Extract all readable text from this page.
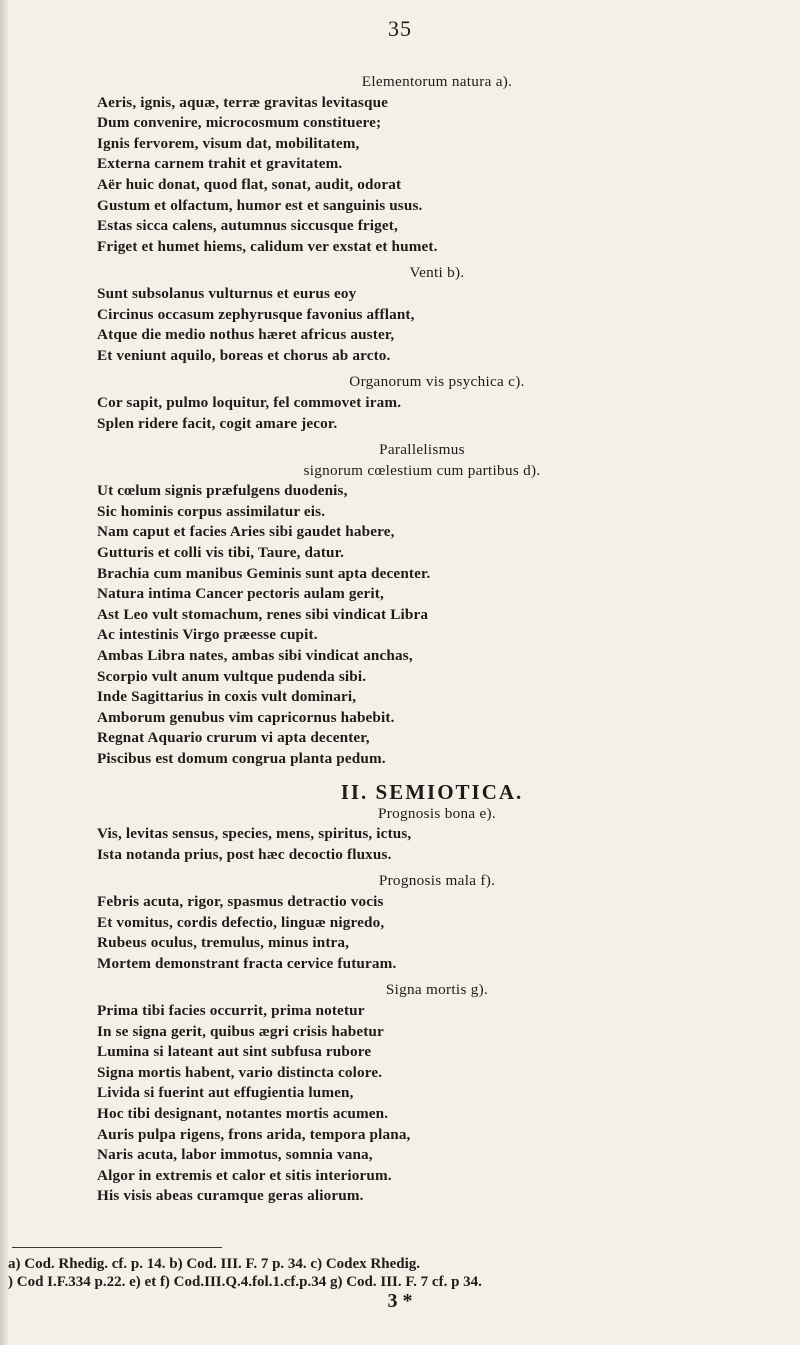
35
Elementorum natura a).
Aeris, ignis, aquæ, terræ gravitas levitasque
Dum convenire, microcosmum constituere;
Ignis fervorem, visum dat, mobilitatem,
Externa carnem trahit et gravitatem.
Aër huic donat, quod flat, sonat, audit, odorat
Gustum et olfactum, humor est et sanguinis usus.
Estas sicca calens, autumnus siccusque friget,
Friget et humet hiems, calidum ver exstat et humet.
Venti b).
Sunt subsolanus vulturnus et eurus eoy
Circinus occasum zephyrusque favonius afflant,
Atque die medio nothus hæret africus auster,
Et veniunt aquilo, boreas et chorus ab arcto.
Organorum vis psychica c).
Cor sapit, pulmo loquitur, fel commovet iram.
Splen ridere facit, cogit amare jecor.
Parallelismus
signorum cœlestium cum partibus d).
Ut cœlum signis præfulgens duodenis,
Sic hominis corpus assimilatur eis.
Nam caput et facies Aries sibi gaudet habere,
Gutturis et colli vis tibi, Taure, datur.
Brachia cum manibus Geminis sunt apta decenter.
Natura intima Cancer pectoris aulam gerit,
Ast Leo vult stomachum, renes sibi vindicat Libra
Ac intestinis Virgo præesse cupit.
Ambas Libra nates, ambas sibi vindicat anchas,
Scorpio vult anum vultque pudenda sibi.
Inde Sagittarius in coxis vult dominari,
Amborum genubus vim capricornus habebit.
Regnat Aquario crurum vi apta decenter,
Piscibus est domum congrua planta pedum.
II. SEMIOTICA.
Prognosis bona e).
Vis, levitas sensus, species, mens, spiritus, ictus,
Ista notanda prius, post hæc decoctio fluxus.
Prognosis mala f).
Febris acuta, rigor, spasmus detractio vocis
Et vomitus, cordis defectio, linguæ nigredo,
Rubeus oculus, tremulus, minus intra,
Mortem demonstrant fracta cervice futuram.
Signa mortis g).
Prima tibi facies occurrit, prima notetur
In se signa gerit, quibus ægri crisis habetur
Lumina si lateant aut sint subfusa rubore
Signa mortis habent, vario distincta colore.
Livida si fuerint aut effugientia lumen,
Hoc tibi designant, notantes mortis acumen.
Auris pulpa rigens, frons arida, tempora plana,
Naris acuta, labor immotus, somnia vana,
Algor in extremis et calor et sitis interiorum.
His visis abeas curamque geras aliorum.
a) Cod. Rhedig. cf. p. 14. b) Cod. III. F. 7 p. 34. c) Codex Rhedig.
) Cod I.F.334 p.22. e) et f) Cod.III.Q.4.fol.1.cf.p.34 g) Cod. III. F. 7 cf. p 34.
3 *
